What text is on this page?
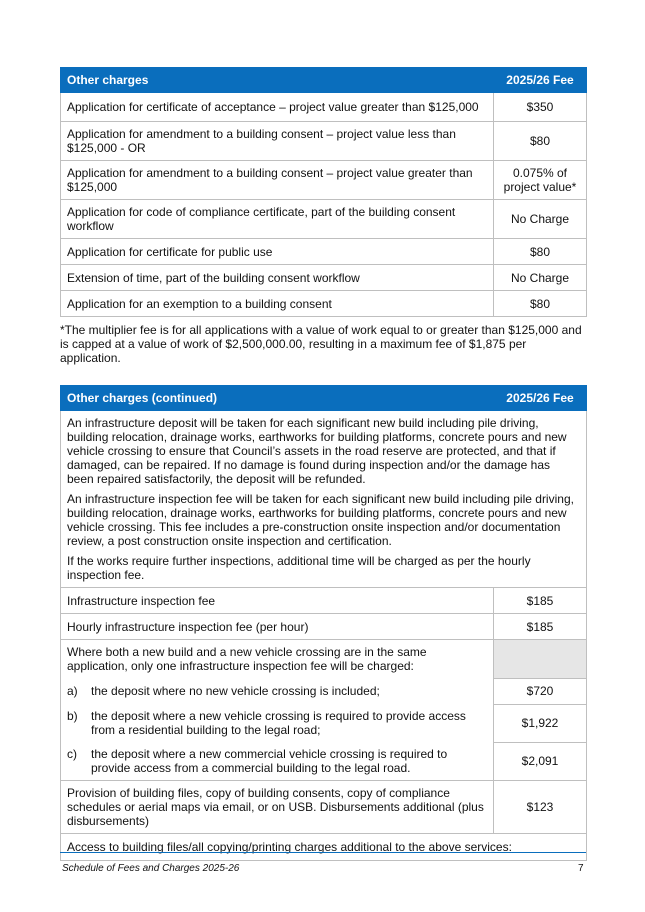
Other charges	2025/26 Fee
Application for certificate of acceptance – project value greater than $125,000	$350
Application for amendment to a building consent – project value less than $125,000 - OR	$80
Application for amendment to a building consent – project value greater than $125,000	0.075% of project value*
Application for code of compliance certificate, part of the building consent workflow	No Charge
Application for certificate for public use	$80
Extension of time, part of the building consent workflow	No Charge
Application for an exemption to a building consent	$80
*The multiplier fee is for all applications with a value of work equal to or greater than $125,000 and is capped at a value of work of $2,500,000.00, resulting in a maximum fee of $1,875 per application.
Other charges (continued)	2025/26 Fee

An infrastructure deposit will be taken for each significant new build including pile driving, building relocation, drainage works, earthworks for building platforms, concrete pours and new vehicle crossing to ensure that Council’s assets in the road reserve are protected, and that if damaged, can be repaired. If no damage is found during inspection and/or the damage has been repaired satisfactorily, the deposit will be refunded.

An infrastructure inspection fee will be taken for each significant new build including pile driving, building relocation, drainage works, earthworks for building platforms, concrete pours and new vehicle crossing. This fee includes a pre-construction onsite inspection and/or documentation review, a post construction onsite inspection and certification.

If the works require further inspections, additional time will be charged as per the hourly inspection fee.	

Infrastructure inspection fee	$185
Hourly infrastructure inspection fee (per hour)	$185
Where both a new build and a new vehicle crossing are in the same application, only one infrastructure inspection fee will be charged:	

a) the deposit where no new vehicle crossing is included;	$720

b) the deposit where a new vehicle crossing is required to provide access from a residential building to the legal road;	$1,922

c) the deposit where a new commercial vehicle crossing is required to provide access from a commercial building to the legal road.	$2,091
Provision of building files, copy of building consents, copy of compliance schedules or aerial maps via email, or on USB. Disbursements additional (plus disbursements)	$123
Access to building files/all copying/printing charges additional to the above services:	
Schedule of Fees and Charges 2025-26	7
